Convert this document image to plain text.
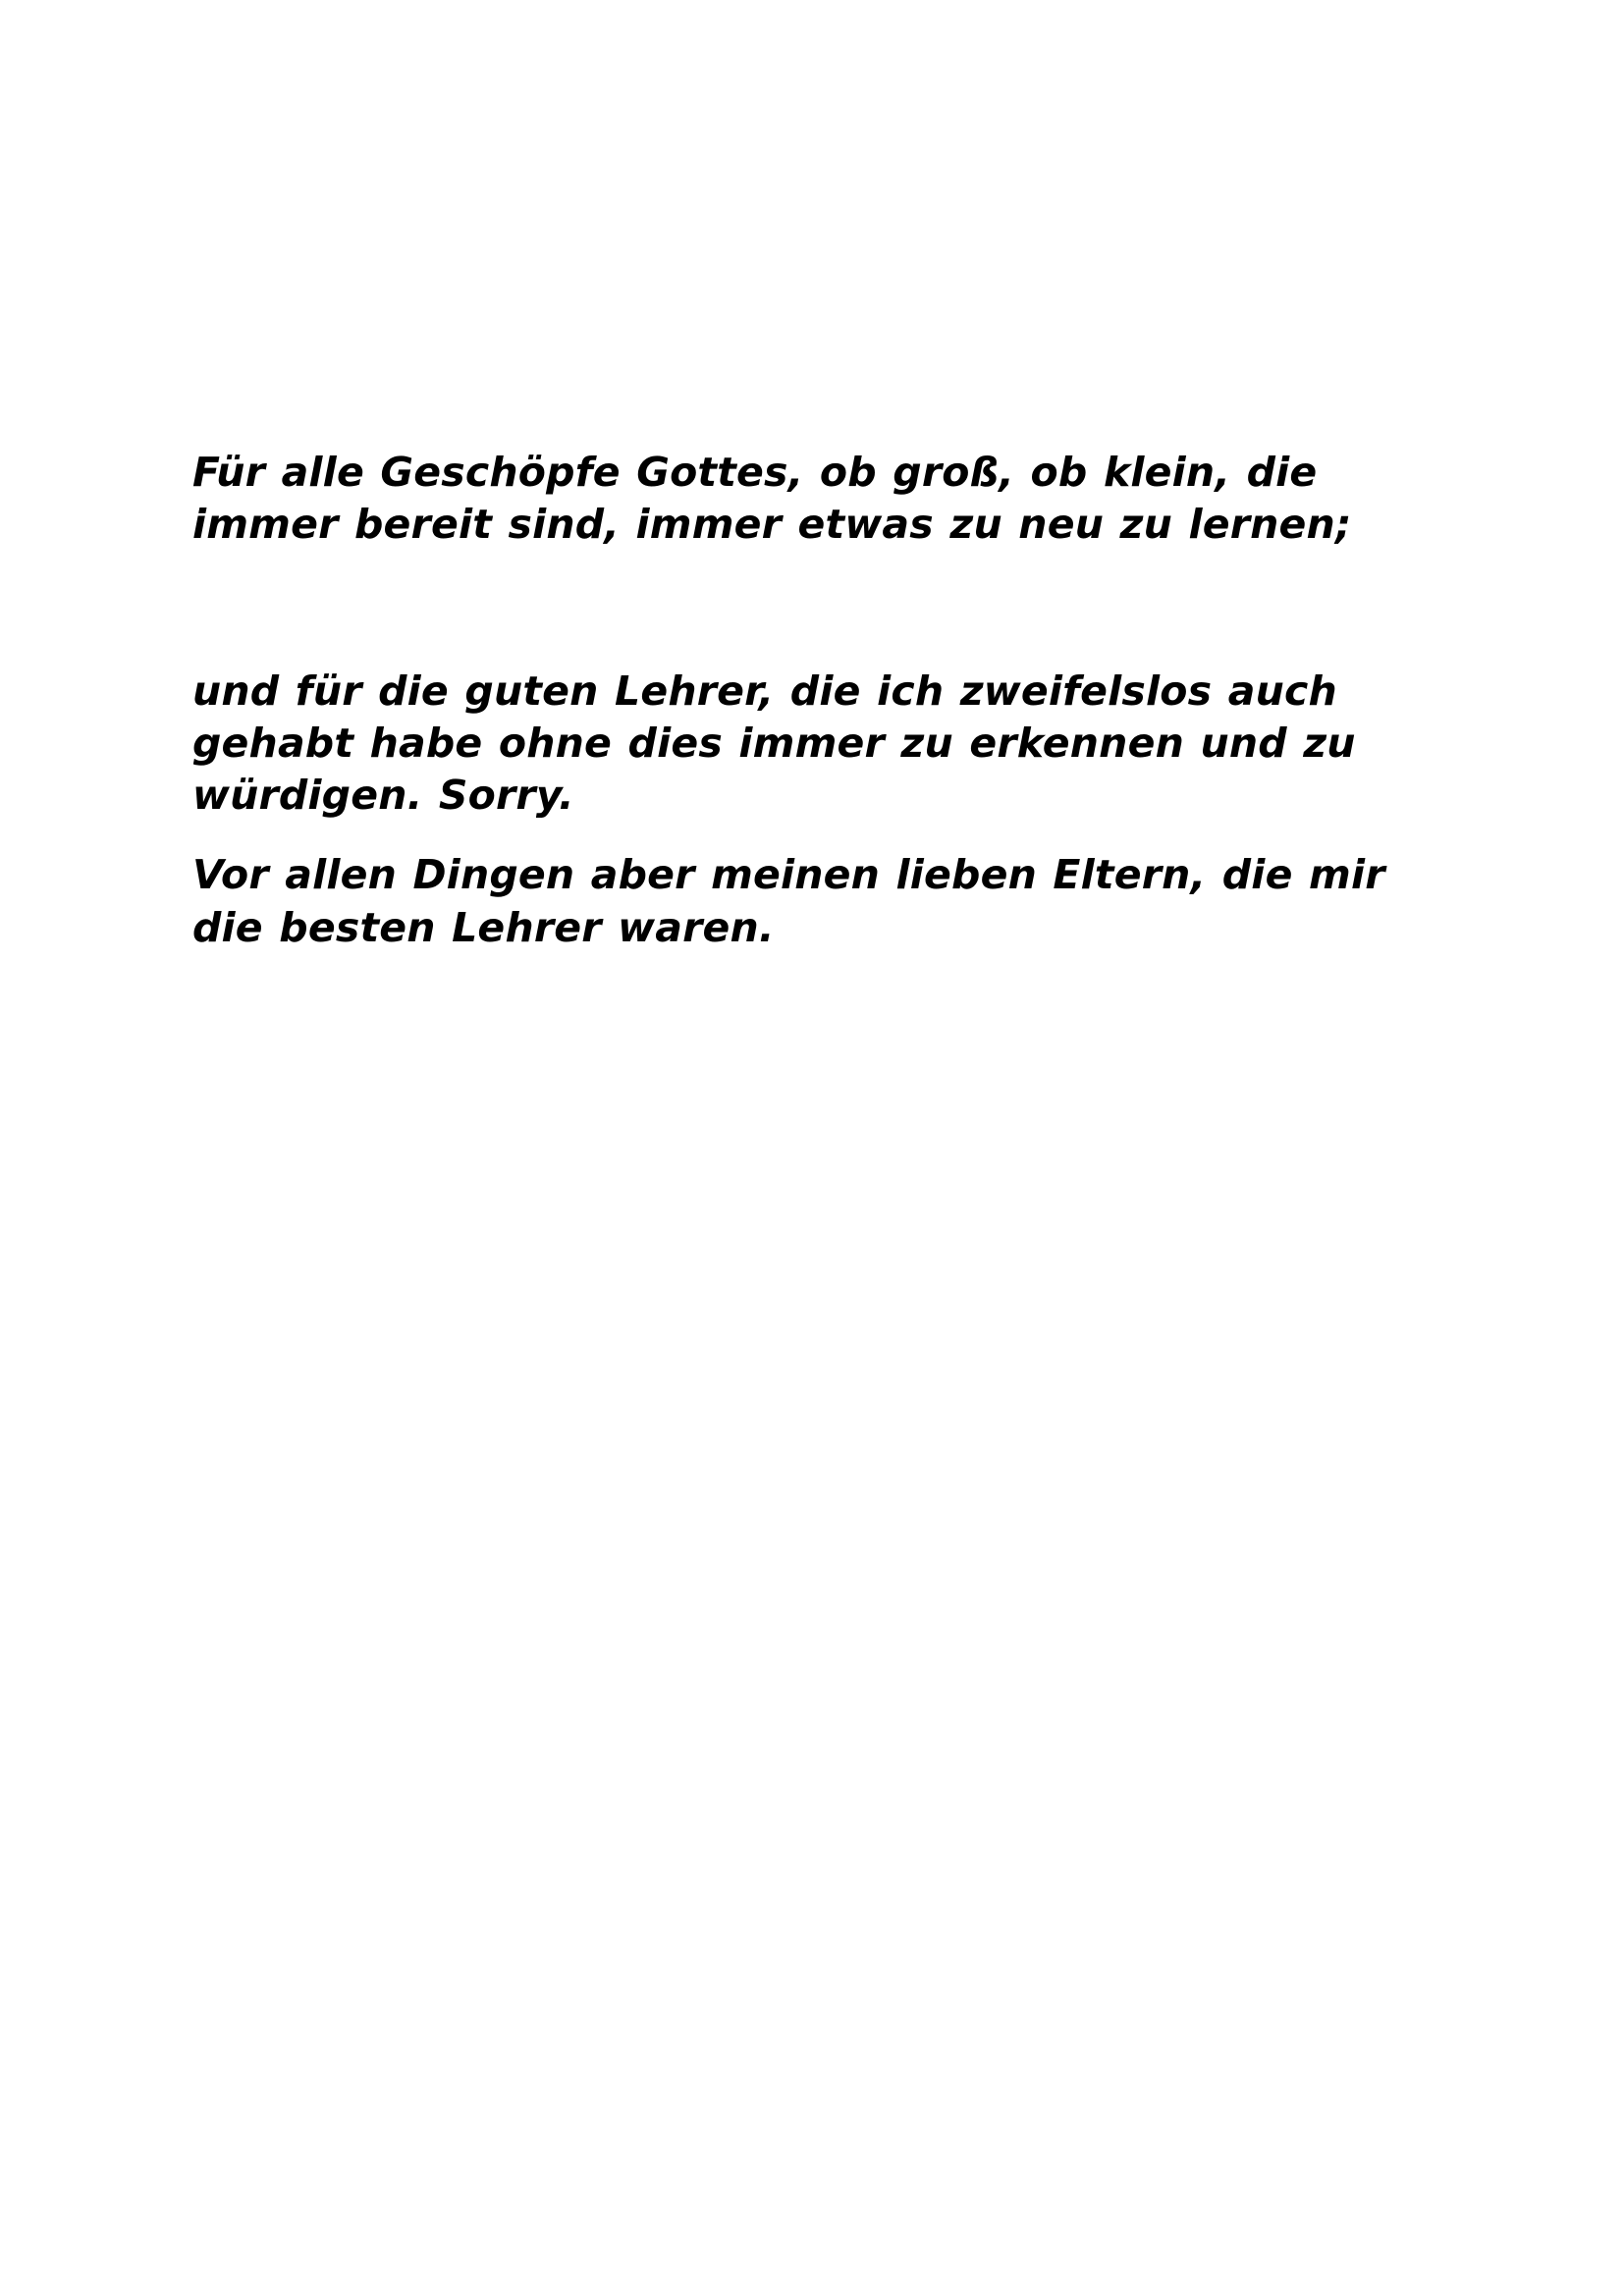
Für alle Geschöpfe Gottes, ob groß, ob klein, die immer bereit sind, immer etwas zu neu zu lernen;

und für die guten Lehrer, die ich zweifelslos auch gehabt habe ohne dies immer zu erkennen und zu würdigen. Sorry.

Vor allen Dingen aber meinen lieben Eltern, die mir die besten Lehrer waren.
